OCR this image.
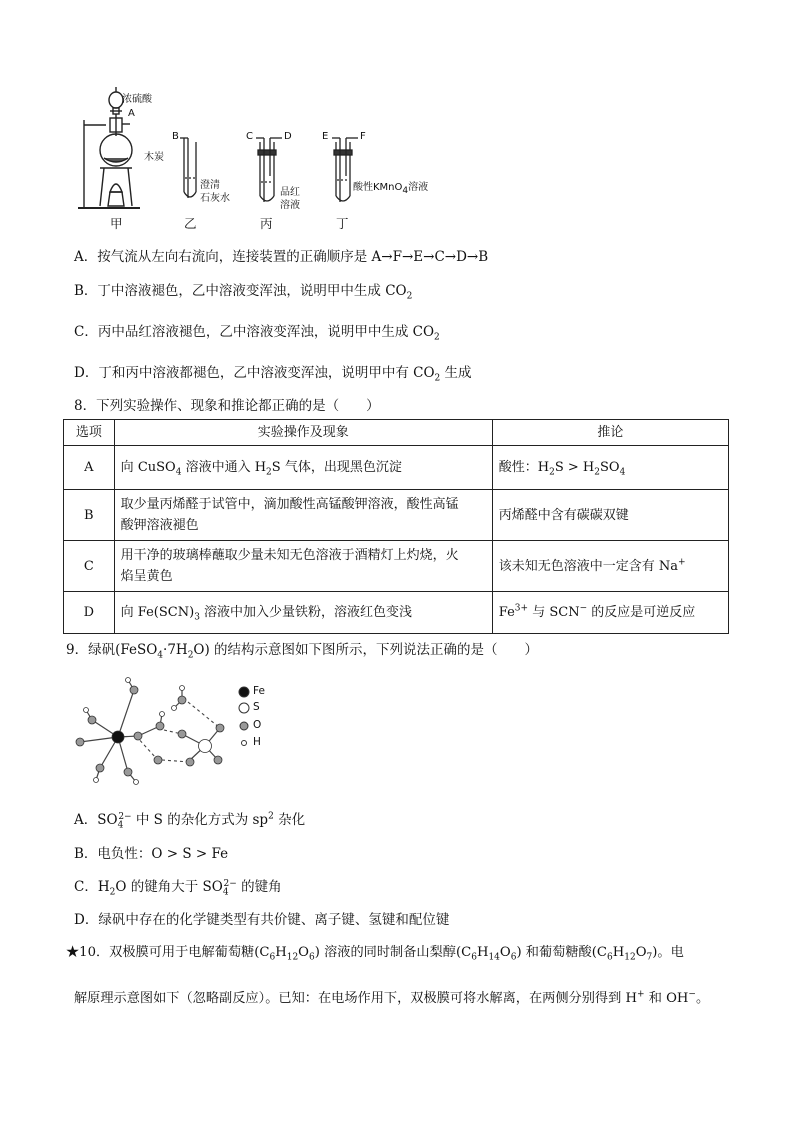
浓硫酸
A
木炭
B
澄清
石灰水
C	D
品红
溶液
E	F
酸性KMnO$_4$溶液
甲	乙	丙	丁
A．按气流从左向右流向，连接装置的正确顺序是 A→F→E→C→D→B
B．丁中溶液褪色，乙中溶液变浑浊，说明甲中生成 $CO_2$
C．丙中品红溶液褪色，乙中溶液变浑浊，说明甲中生成 $CO_2$
D．丁和丙中溶液都褪色，乙中溶液变浑浊，说明甲中有 $CO_2$ 生成
8．下列实验操作、现象和推论都正确的是（　　）
选项	实验操作及现象	推论
A	向 CuSO$_4$ 溶液中通入 $H_2S$ 气体，出现黑色沉淀	酸性：$H_2S > H_2SO_4$
B	取少量丙烯醛于试管中，滴加酸性高锰酸钾溶液，酸性高锰
酸钾溶液褪色	丙烯醛中含有碳碳双键
C	用干净的玻璃棒蘸取少量未知无色溶液于酒精灯上灼烧，火
焰呈黄色	该未知无色溶液中一定含有 Na+
D	向 $Fe(SCN)_3$ 溶液中加入少量铁粉，溶液红色变浅	$Fe^{3+}$ 与 SCN− 的反应是可逆反应
9．绿矾$(FeSO_4\cdot 7H_2O)$ 的结构示意图如下图所示，下列说法正确的是（　　）
Fe
S
O
H
A．$SO_4^{2-}$ 中 S 的杂化方式为 $sp^2$ 杂化
B．电负性：O > S > Fe
C．$H_2O$ 的键角大于 $SO_4^{2-}$ 的键角
D．绿矾中存在的化学键类型有共价键、离子键、氢键和配位键
★10．双极膜可用于电解葡萄糖$(C_6H_{12}O_6)$ 溶液的同时制备山梨醇$(C_6H_{14}O_6)$ 和葡萄糖酸$(C_6H_{12}O_7)$。电
解原理示意图如下（忽略副反应）。已知：在电场作用下，双极膜可将水解离，在两侧分别得到 H+ 和 OH−。
